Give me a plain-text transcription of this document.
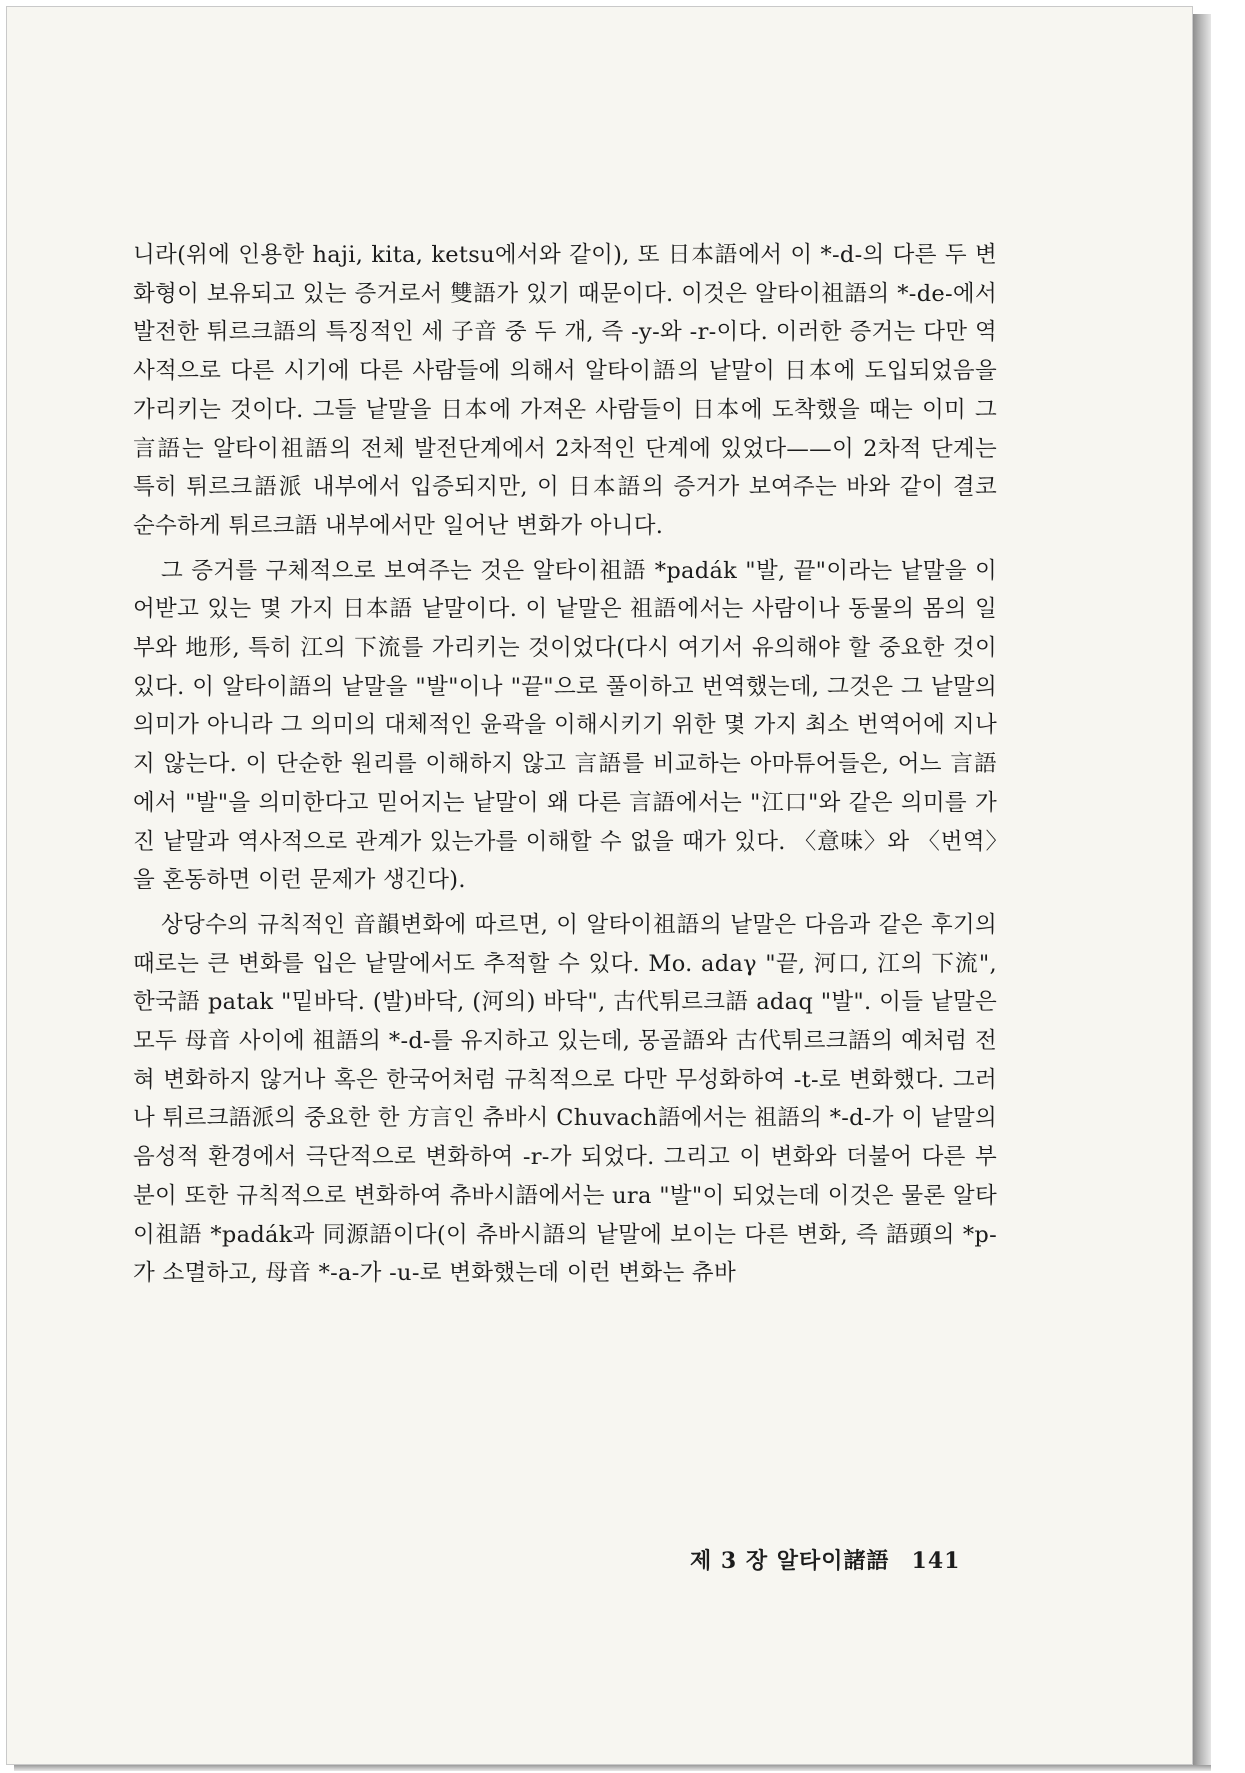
니라(위에 인용한 haji, kita, ketsu에서와 같이), 또 日本語에서 이 *-d-의 다른 두 변화형이 보유되고 있는 증거로서 雙語가 있기 때문이다. 이것은 알타이祖語의 *-de-에서 발전한 튀르크語의 특징적인 세 子音 중 두 개, 즉 -y-와 -r-이다. 이러한 증거는 다만 역사적으로 다른 시기에 다른 사람들에 의해서 알타이語의 낱말이 日本에 도입되었음을 가리키는 것이다. 그들 낱말을 日本에 가져온 사람들이 日本에 도착했을 때는 이미 그 言語는 알타이祖語의 전체 발전단계에서 2차적인 단계에 있었다——이 2차적 단계는 특히 튀르크語派 내부에서 입증되지만, 이 日本語의 증거가 보여주는 바와 같이 결코 순수하게 튀르크語 내부에서만 일어난 변화가 아니다.

그 증거를 구체적으로 보여주는 것은 알타이祖語 *padák "발, 끝"이라는 낱말을 이어받고 있는 몇 가지 日本語 낱말이다. 이 낱말은 祖語에서는 사람이나 동물의 몸의 일부와 地形, 특히 江의 下流를 가리키는 것이었다(다시 여기서 유의해야 할 중요한 것이 있다. 이 알타이語의 낱말을 "발"이나 "끝"으로 풀이하고 번역했는데, 그것은 그 낱말의 의미가 아니라 그 의미의 대체적인 윤곽을 이해시키기 위한 몇 가지 최소 번역어에 지나지 않는다. 이 단순한 원리를 이해하지 않고 言語를 비교하는 아마튜어들은, 어느 言語에서 "발"을 의미한다고 믿어지는 낱말이 왜 다른 言語에서는 "江口"와 같은 의미를 가진 낱말과 역사적으로 관계가 있는가를 이해할 수 없을 때가 있다. 〈意味〉와 〈번역〉을 혼동하면 이런 문제가 생긴다).

상당수의 규칙적인 音韻변화에 따르면, 이 알타이祖語의 낱말은 다음과 같은 후기의 때로는 큰 변화를 입은 낱말에서도 추적할 수 있다. Mo. adaγ "끝, 河口, 江의 下流", 한국語 patak "밑바닥. (발)바닥, (河의) 바닥", 古代튀르크語 adaq "발". 이들 낱말은 모두 母音 사이에 祖語의 *-d-를 유지하고 있는데, 몽골語와 古代튀르크語의 예처럼 전혀 변화하지 않거나 혹은 한국어처럼 규칙적으로 다만 무성화하여 -t-로 변화했다. 그러나 튀르크語派의 중요한 한 方言인 츄바시 Chuvach語에서는 祖語의 *-d-가 이 낱말의 음성적 환경에서 극단적으로 변화하여 -r-가 되었다. 그리고 이 변화와 더불어 다른 부분이 또한 규칙적으로 변화하여 츄바시語에서는 ura "발"이 되었는데 이것은 물론 알타이祖語 *padák과 同源語이다(이 츄바시語의 낱말에 보이는 다른 변화, 즉 語頭의 *p-가 소멸하고, 母音 *-a-가 -u-로 변화했는데 이런 변화는 츄바

제 3 장 알타이諸語 141
